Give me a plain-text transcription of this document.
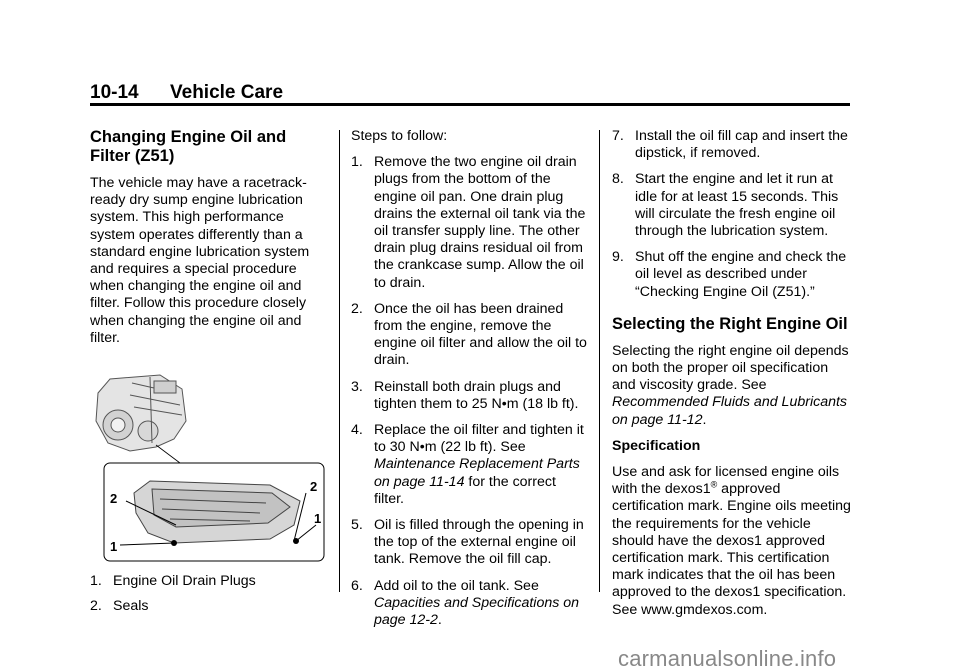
10-14 Vehicle Care
Changing Engine Oil and Filter (Z51)

The vehicle may have a racetrack-ready dry sump engine lubrication system. This high performance system operates differently than a standard engine lubrication system and requires a special procedure when changing the engine oil and filter. Follow this procedure closely when changing the engine oil and filter.

2
1
2
1
1. Engine Oil Drain Plugs
2. Seals

Steps to follow:

1. Remove the two engine oil drain plugs from the bottom of the engine oil pan. One drain plug drains the external oil tank via the oil transfer supply line. The other drain plug drains residual oil from the crankcase sump. Allow the oil to drain.
2. Once the oil has been drained from the engine, remove the engine oil filter and allow the oil to drain.
3. Reinstall both drain plugs and tighten them to 25 N•m (18 lb ft).
4. Replace the oil filter and tighten it to 30 N•m (22 lb ft). See Maintenance Replacement Parts on page 11-14 for the correct filter.
5. Oil is filled through the opening in the top of the external engine oil tank. Remove the oil fill cap.
6. Add oil to the oil tank. See Capacities and Specifications on page 12-2.
7. Install the oil fill cap and insert the dipstick, if removed.
8. Start the engine and let it run at idle for at least 15 seconds. This will circulate the fresh engine oil through the lubrication system.
9. Shut off the engine and check the oil level as described under “Checking Engine Oil (Z51).”
Selecting the Right Engine Oil

Selecting the right engine oil depends on both the proper oil specification and viscosity grade. See Recommended Fluids and Lubricants on page 11-12.

Specification

Use and ask for licensed engine oils with the dexos1® approved certification mark. Engine oils meeting the requirements for the vehicle should have the dexos1 approved certification mark. This certification mark indicates that the oil has been approved to the dexos1 specification. See www.gmdexos.com.

carmanualsonline.info
